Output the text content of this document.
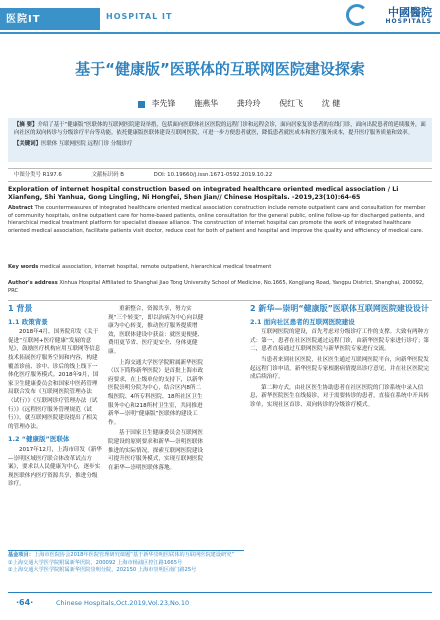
医院IT	HOSPITAL IT	中國醫院
HOSPITALS
基于“健康版”医联体的互联网医院建设探索
李先锋 施燕华 龚玲玲 倪红飞 沈 健

【摘 要】介绍了基于“健康版”医联体的互联网医院建设举措，包括面向医联体社区医院的远程门诊和远程会诊，面向居家复诊患者的在线门诊，面向出院患者的延续服务，面向社区的双向转诊与分级诊疗平台等功能。依托健康版医联体建设互联网医院，可进一步方便患者就医，降低患者就医成本和医疗服务成本，提升医疗服务质量和效率。

【关键词】医联体 互联网医院 远程门诊 分级诊疗
中图分类号 R197.6	文献标识码 B	DOI: 10.19660/j.issn.1671-0592.2019.10.22
Exploration of internet hospital construction based on integrated healthcare oriented medical association / Li Xianfeng, Shi Yanhua, Gong Lingling, Ni Hongfei, Shen Jian// Chinese Hospitals. -2019,23(10):64-65
Abstract The countermeasures of integrated healthcare oriented medical association construction include remote outpatient care and consultation for member of community hospitals, online outpatient care for home-based patients, online consultation for the general public, online follow-up for discharged patients, and hierarchical medical treatment platform for specialist disease alliance. The construction of internet hospital can promote the work of integrated healthcare oriented medical association, facilitate patients visit doctor, reduce cost for both of patient and hospital and improve the quality and efficiency of medical care.
Key words medical association, internet hospital, remote outpatient, hierarchical medical treatment
Author's address Xinhua Hospital Affiliated to Shanghai Jiao Tong University School of Medicine, No.1665, Kongjiang Road, Yangpu District, Shanghai, 200092, PRC
1 背景
1.1 政策背景

2018年4月，国务院印发《关于促进“互联网+医疗健康”发展的意见》，鼓励医疗机构应用互联网等信息技术拓展医疗服务空间和内容，构建覆盖诊前、诊中、诊后的线上线下一体化医疗服务模式。2018年9月，国家卫生健康委员会和国家中医药管理局联合发布《互联网医院管理办法（试行）》《互联网诊疗管理办法（试行）》《远程医疗服务管理规范（试行）》，就互联网医院建设提出了相关的管理办法。

1.2 “健康版”医联体

2017年12月，上海市印发《新华—崇明区域医疗联合体改革试点方案》，要求以人民健康为中心，逐步实现医联体内医疗资源共享，推进分级诊疗。

重新整合，资源共享，努力实现“三个转变”，即以治病为中心向以健康为中心转变，推动医疗服务提质增效，医联体建设中获益：就医更便捷、费用更节省、医疗更安全、身体更健康。

上海交通大学医学院附属新华医院（以下简称新华医院）是首批上海市政府要求，在上级单位的支持下，以新华医院崇明分院为中心，结合区内8所二级医院、4所专科医院、18所社区卫生服务中心和218所村卫生室，共同推进新华—崇明“健康版”医联体的建设工作。

基于国家卫生健康委员会互联网医院建设的原则要求和新华—崇明医联体推进的实际情况，探索互联网医院建设可提升医疗服务模式，实现互联网医院在新华—崇明医联体落地。

2 新华—崇明“健康版”医联体互联网医院建设设计
2.1 面向社区患者的互联网医院建设

互联网医院的建设，首先考虑对分级诊疗工作的支撑。大致有两种方式：第一，患者在社区医院通过远程门诊，由新华医院专家进行诊疗；第二，患者直接通过互联网医院与新华医院专家进行交流。

当患者来到社区医院，社区医生通过互联网医院平台，向新华医院发起远程门诊申请，新华医院专家根据病情提出诊疗意见，并在社区医院完成后续治疗。

第二种方式，由社区医生协助患者在社区医院的门诊系统中录入信息，新华医院医生在线接诊，对于需要转诊的患者，直接在系统中开具转诊单，实现社区首诊、双向转诊的分级诊疗模式。

基金项目：上海市医院协会2018年医院管理研究课题“基于新华崇明医联体的互联网医院建设研究”
①上海交通大学医学院附属新华医院，200092 上海市杨浦区控江路1665号
②上海交通大学医学院附属新华医院崇明分院，202150 上海市崇明区南门路25号
·64·	Chinese Hospitals,Oct.2019,Vol.23,No.10
